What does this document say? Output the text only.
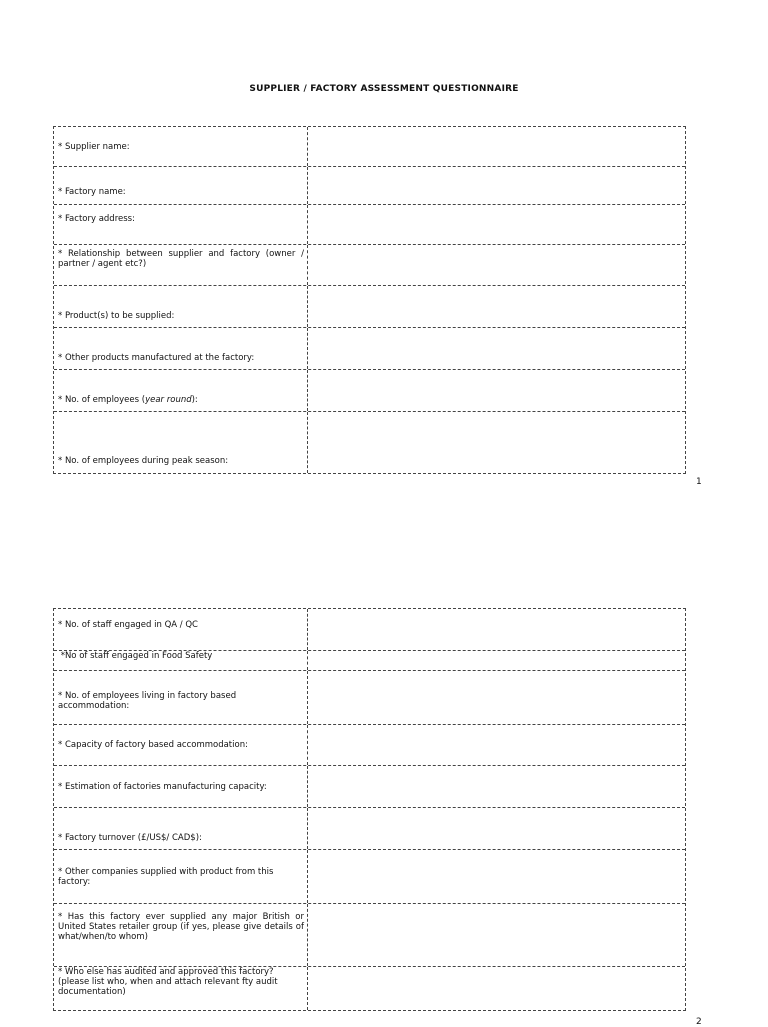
SUPPLIER / FACTORY ASSESSMENT QUESTIONNAIRE
* Supplier name:
* Factory name:
* Factory address:
* Relationship between supplier and factory (owner / partner / agent etc?)
* Product(s) to be supplied:
* Other products manufactured at the factory:
* No. of employees (year round):
* No. of employees during peak season:
1
* No. of staff engaged in QA / QC
*No of staff engaged in Food Safety
* No. of employees living in factory based accommodation:
* Capacity of factory based accommodation:
* Estimation of factories manufacturing capacity:
* Factory turnover (£/US$/ CAD$):
* Other companies supplied with product from this factory:
* Has this factory ever supplied any major British or United States retailer group (if yes, please give details of what/when/to whom)
* Who else has audited and approved this factory? (please list who, when and attach relevant fty audit documentation)
2
